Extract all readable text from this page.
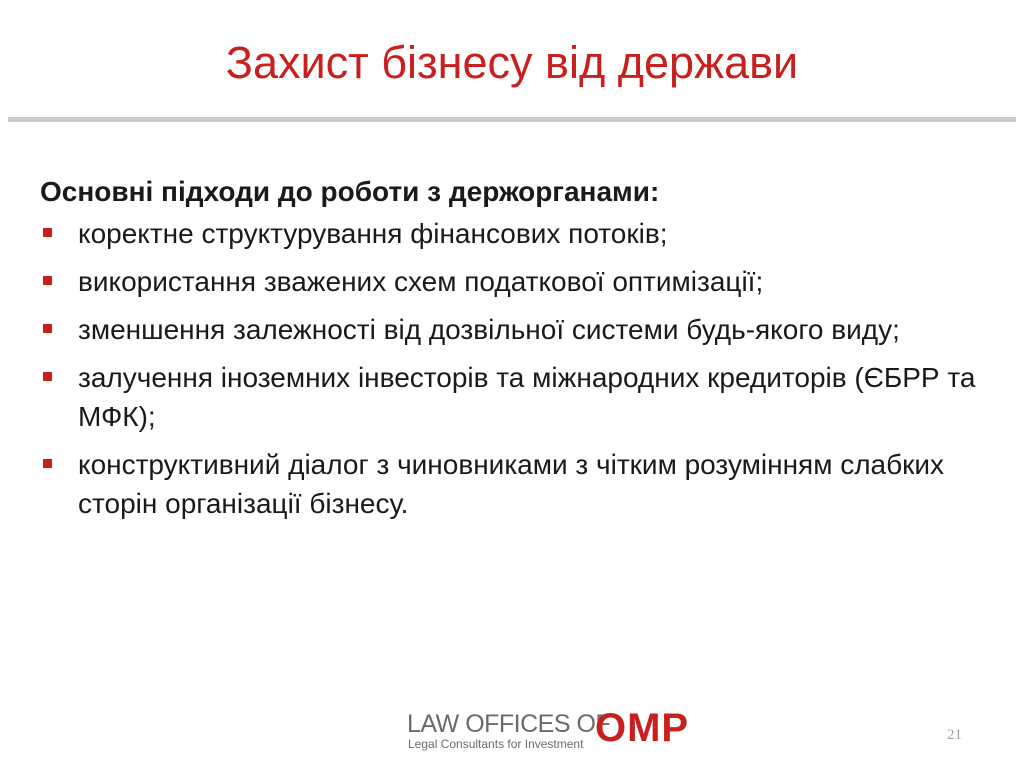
Захист бізнесу від держави
Основні підходи до роботи з держорганами:
коректне структурування фінансових потоків;
використання зважених схем податкової оптимізації;
зменшення залежності від дозвільної системи будь-якого виду;
залучення іноземних інвесторів та міжнародних кредиторів (ЄБРР та МФК);
конструктивний діалог з чиновниками з чітким розумінням слабких сторін організації бізнесу.
LAW OFFICES OF
OMP
Legal Consultants for Investment
21
